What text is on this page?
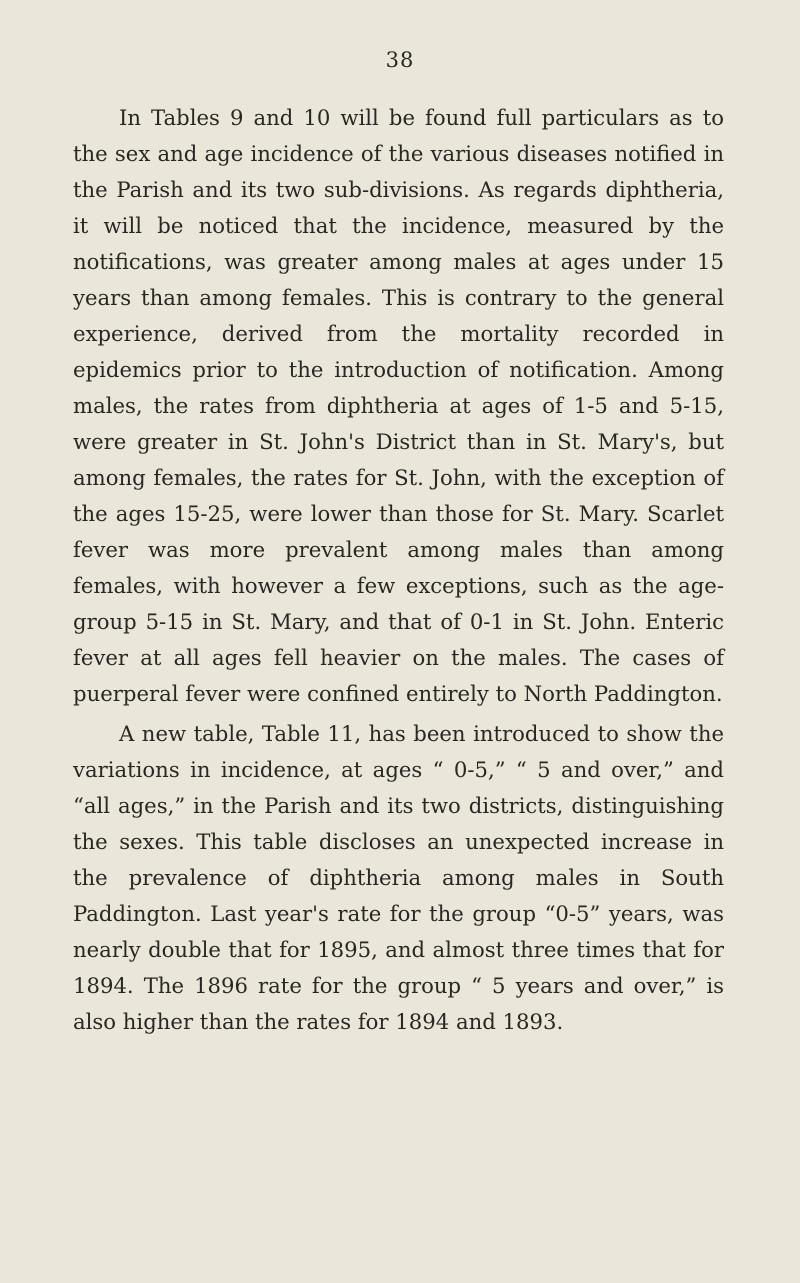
38

In Tables 9 and 10 will be found full particulars as to the sex and age incidence of the various diseases notified in the Parish and its two sub-divisions. As regards diphtheria, it will be noticed that the incidence, measured by the notifications, was greater among males at ages under 15 years than among females. This is contrary to the general experience, derived from the mortality recorded in epidemics prior to the introduction of notification. Among males, the rates from diphtheria at ages of 1-5 and 5-15, were greater in St. John's District than in St. Mary's, but among females, the rates for St. John, with the exception of the ages 15-25, were lower than those for St. Mary. Scarlet fever was more prevalent among males than among females, with however a few exceptions, such as the age-group 5-15 in St. Mary, and that of 0-1 in St. John. Enteric fever at all ages fell heavier on the males. The cases of puerperal fever were confined entirely to North Paddington.

A new table, Table 11, has been introduced to show the variations in incidence, at ages “ 0-5,” “ 5 and over,” and “all ages,” in the Parish and its two districts, distinguishing the sexes. This table discloses an unexpected increase in the prevalence of diphtheria among males in South Paddington. Last year's rate for the group “0-5” years, was nearly double that for 1895, and almost three times that for 1894. The 1896 rate for the group “ 5 years and over,” is also higher than the rates for 1894 and 1893.
